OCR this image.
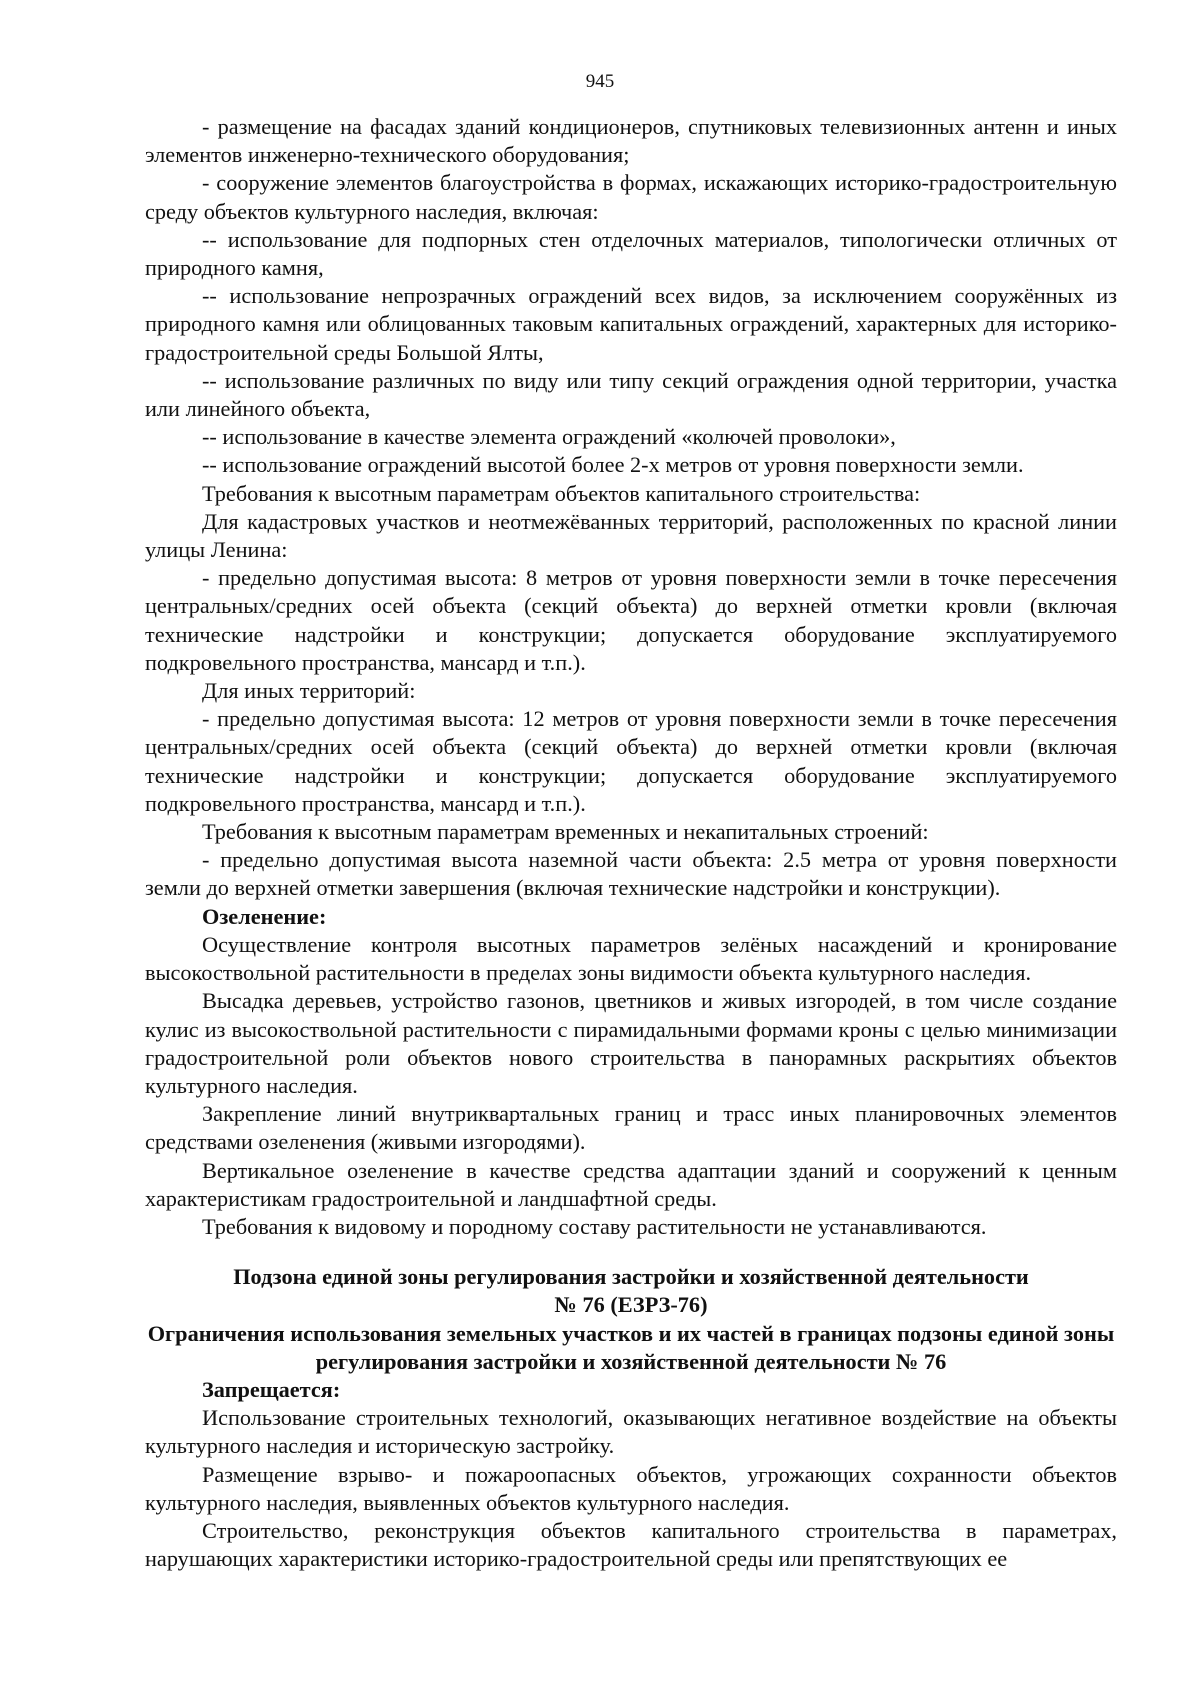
945

- размещение на фасадах зданий кондиционеров, спутниковых телевизионных антенн и иных элементов инженерно-технического оборудования;

- сооружение элементов благоустройства в формах, искажающих историко-градостроительную среду объектов культурного наследия, включая:

-- использование для подпорных стен отделочных материалов, типологически отличных от природного камня,

-- использование непрозрачных ограждений всех видов, за исключением сооружённых из природного камня или облицованных таковым капитальных ограждений, характерных для историко-градостроительной среды Большой Ялты,

-- использование различных по виду или типу секций ограждения одной территории, участка или линейного объекта,

-- использование в качестве элемента ограждений «колючей проволоки»,

-- использование ограждений высотой более 2-х метров от уровня поверхности земли.

Требования к высотным параметрам объектов капитального строительства:

Для кадастровых участков и неотмежёванных территорий, расположенных по красной линии улицы Ленина:

- предельно допустимая высота: 8 метров от уровня поверхности земли в точке пересечения центральных/средних осей объекта (секций объекта) до верхней отметки кровли (включая технические надстройки и конструкции; допускается оборудование эксплуатируемого подкровельного пространства, мансард и т.п.).

Для иных территорий:

- предельно допустимая высота: 12 метров от уровня поверхности земли в точке пересечения центральных/средних осей объекта (секций объекта) до верхней отметки кровли (включая технические надстройки и конструкции; допускается оборудование эксплуатируемого подкровельного пространства, мансард и т.п.).

Требования к высотным параметрам временных и некапитальных строений:

- предельно допустимая высота наземной части объекта: 2.5 метра от уровня поверхности земли до верхней отметки завершения (включая технические надстройки и конструкции).

Озеленение:

Осуществление контроля высотных параметров зелёных насаждений и кронирование высокоствольной растительности в пределах зоны видимости объекта культурного наследия.

Высадка деревьев, устройство газонов, цветников и живых изгородей, в том числе создание кулис из высокоствольной растительности с пирамидальными формами кроны с целью минимизации градостроительной роли объектов нового строительства в панорамных раскрытиях объектов культурного наследия.

Закрепление линий внутриквартальных границ и трасс иных планировочных элементов средствами озеленения (живыми изгородями).

Вертикальное озеленение в качестве средства адаптации зданий и сооружений к ценным характеристикам градостроительной и ландшафтной среды.

Требования к видовому и породному составу растительности не устанавливаются.

Подзона единой зоны регулирования застройки и хозяйственной деятельности

№ 76 (ЕЗРЗ-76)

Ограничения использования земельных участков и их частей в границах подзоны единой зоны регулирования застройки и хозяйственной деятельности № 76

Запрещается:

Использование строительных технологий, оказывающих негативное воздействие на объекты культурного наследия и историческую застройку.

Размещение взрыво- и пожароопасных объектов, угрожающих сохранности объектов культурного наследия, выявленных объектов культурного наследия.

Строительство, реконструкция объектов капитального строительства в параметрах, нарушающих характеристики историко-градостроительной среды или препятствующих ее
